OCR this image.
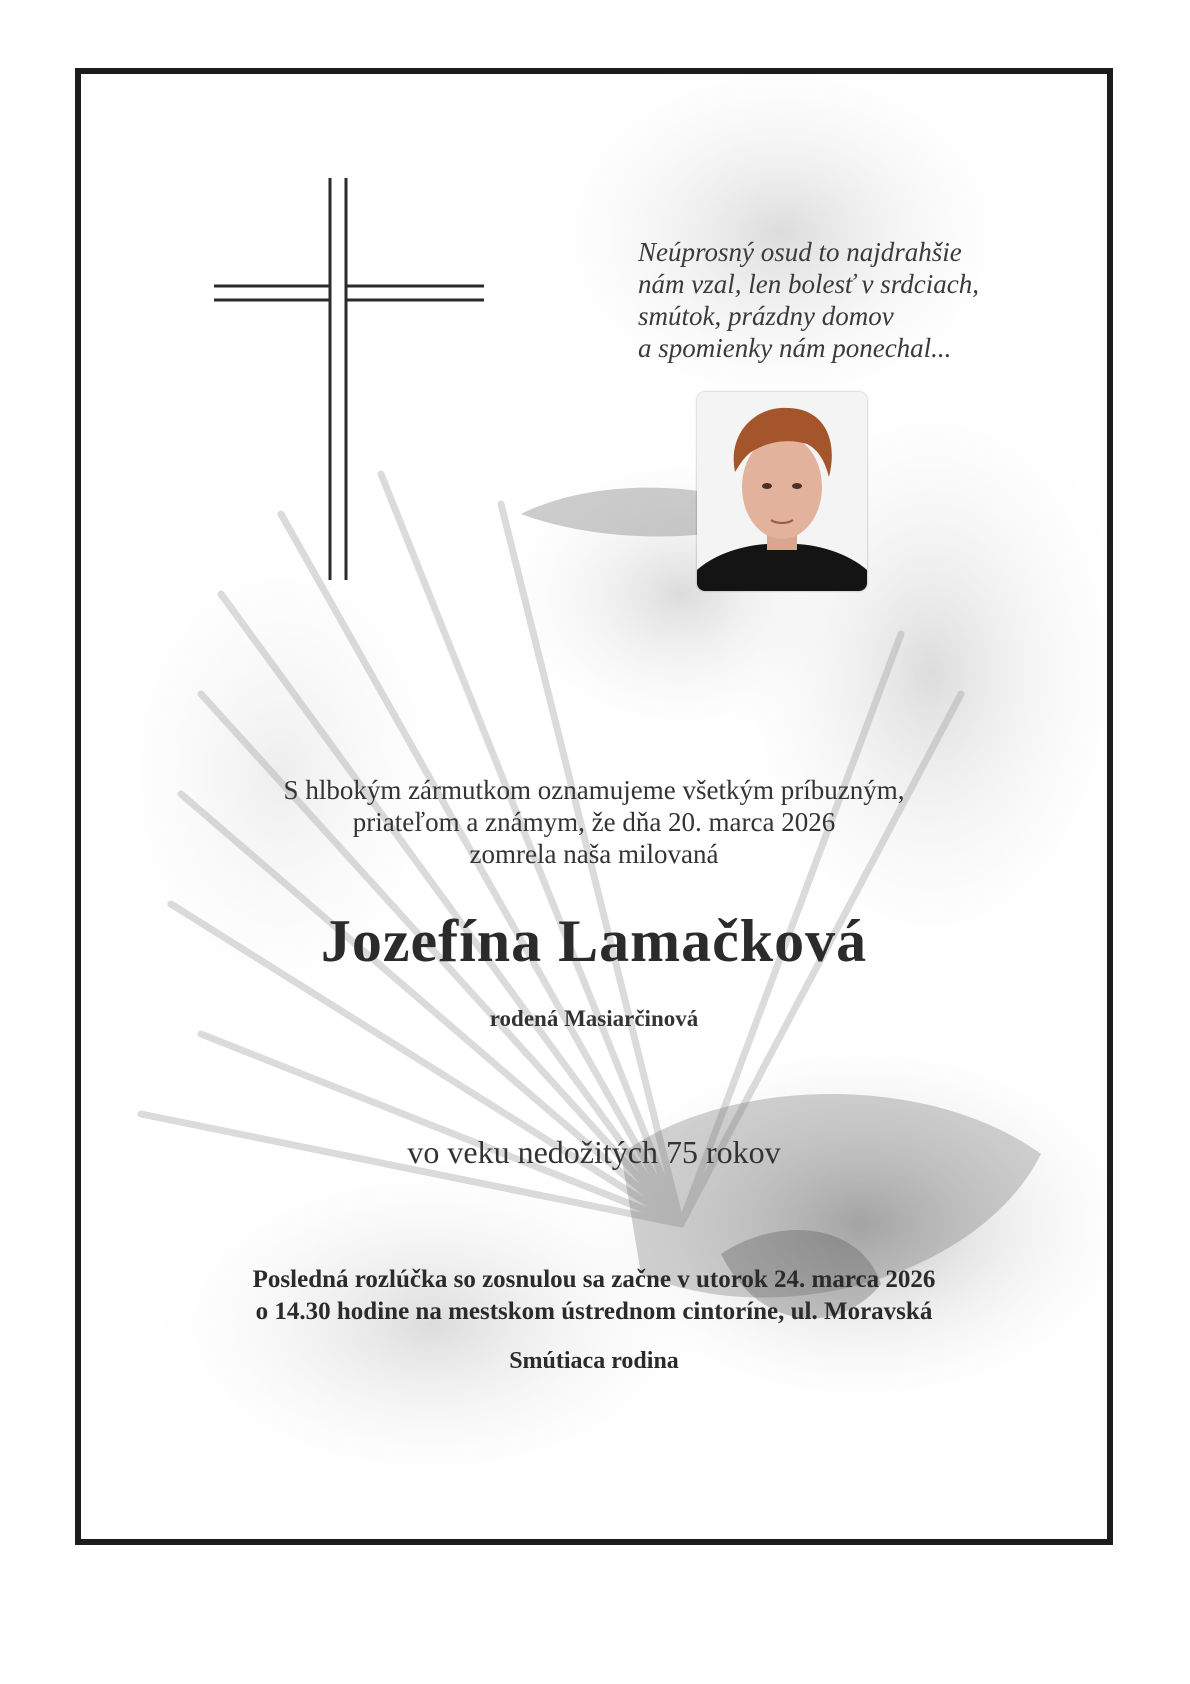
Neúprosný osud to najdrahšie
nám vzal, len bolesť v srdciach,
smútok, prázdny domov
a spomienky nám ponechal...
S hlbokým zármutkom oznamujeme všetkým príbuzným,
priateľom a známym, že dňa 20. marca 2026
zomrela naša milovaná
Jozefína Lamačková
rodená Masiarčinová
vo veku nedožitých 75 rokov
Posledná rozlúčka so zosnulou sa začne v utorok 24. marca 2026
o 14.30 hodine na mestskom ústrednom cintoríne, ul. Moravská
Smútiaca rodina
